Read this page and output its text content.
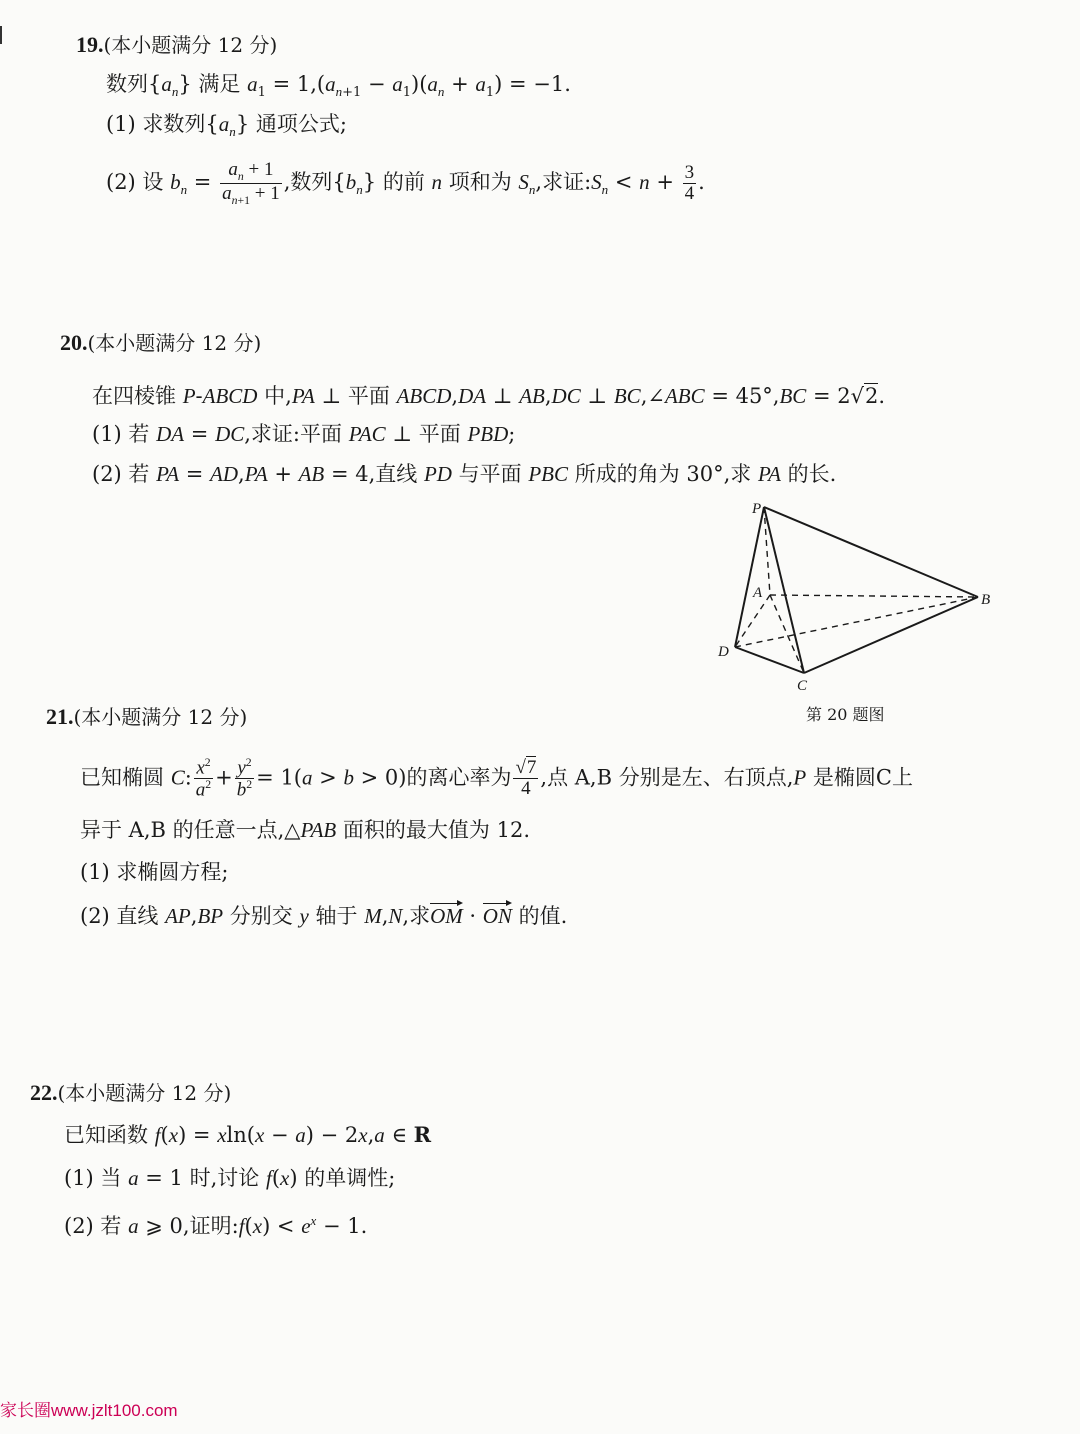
19.(本小题满分 12 分)
数列$\{a_n\}$ 满足 $a_1 = 1,(a_{n+1} - a_1)(a_n + a_1) = -1$.
(1) 求数列$\{a_n\}$ 通项公式;
(2) 设 $b_n = \frac{a_n + 1}{a_{n+1} + 1}$ ,数列$\{b_n\}$ 的前 n 项和为 $S_n$,求证$:S_n < n + \frac{3}{4}$ .
20.(本小题满分 12 分)
在四棱锥 P-ABCD 中,PA ⊥ 平面 ABCD,DA ⊥ AB,DC ⊥ BC,∠ABC = 45°,BC = 2√2.
(1) 若 DA = DC,求证:平面 PAC ⊥ 平面 PBD;
(2) 若 PA = AD,PA + AB = 4,直线 PD 与平面 PBC 所成的角为 30°,求 PA 的长.
P
A	B
C
D
第 20 题图
21.(本小题满分 12 分)
已知椭圆 C: $\frac{x^2}{a^2} + \frac{y^2}{b^2} = 1(a > b > 0)$的离心率为 $\frac{√7}{4}$ ,点 A,B 分别是左、右顶点,P 是椭圆C上
异于 A,B 的任意一点,△PAB 面积的最大值为 12.
(1) 求椭圆方程;
(2) 直线 AP,BP 分别交 y 轴于 M,N,求OM · ON 的值.
22.(本小题满分 12 分)
已知函数 f(x) = xln(x − a) − 2x,a ∈ R
(1) 当 a = 1 时,讨论 f(x) 的单调性;
(2) 若 a ⩾ 0,证明:f(x) < $e^x - 1$.
家长圈www.jzlt100.com
